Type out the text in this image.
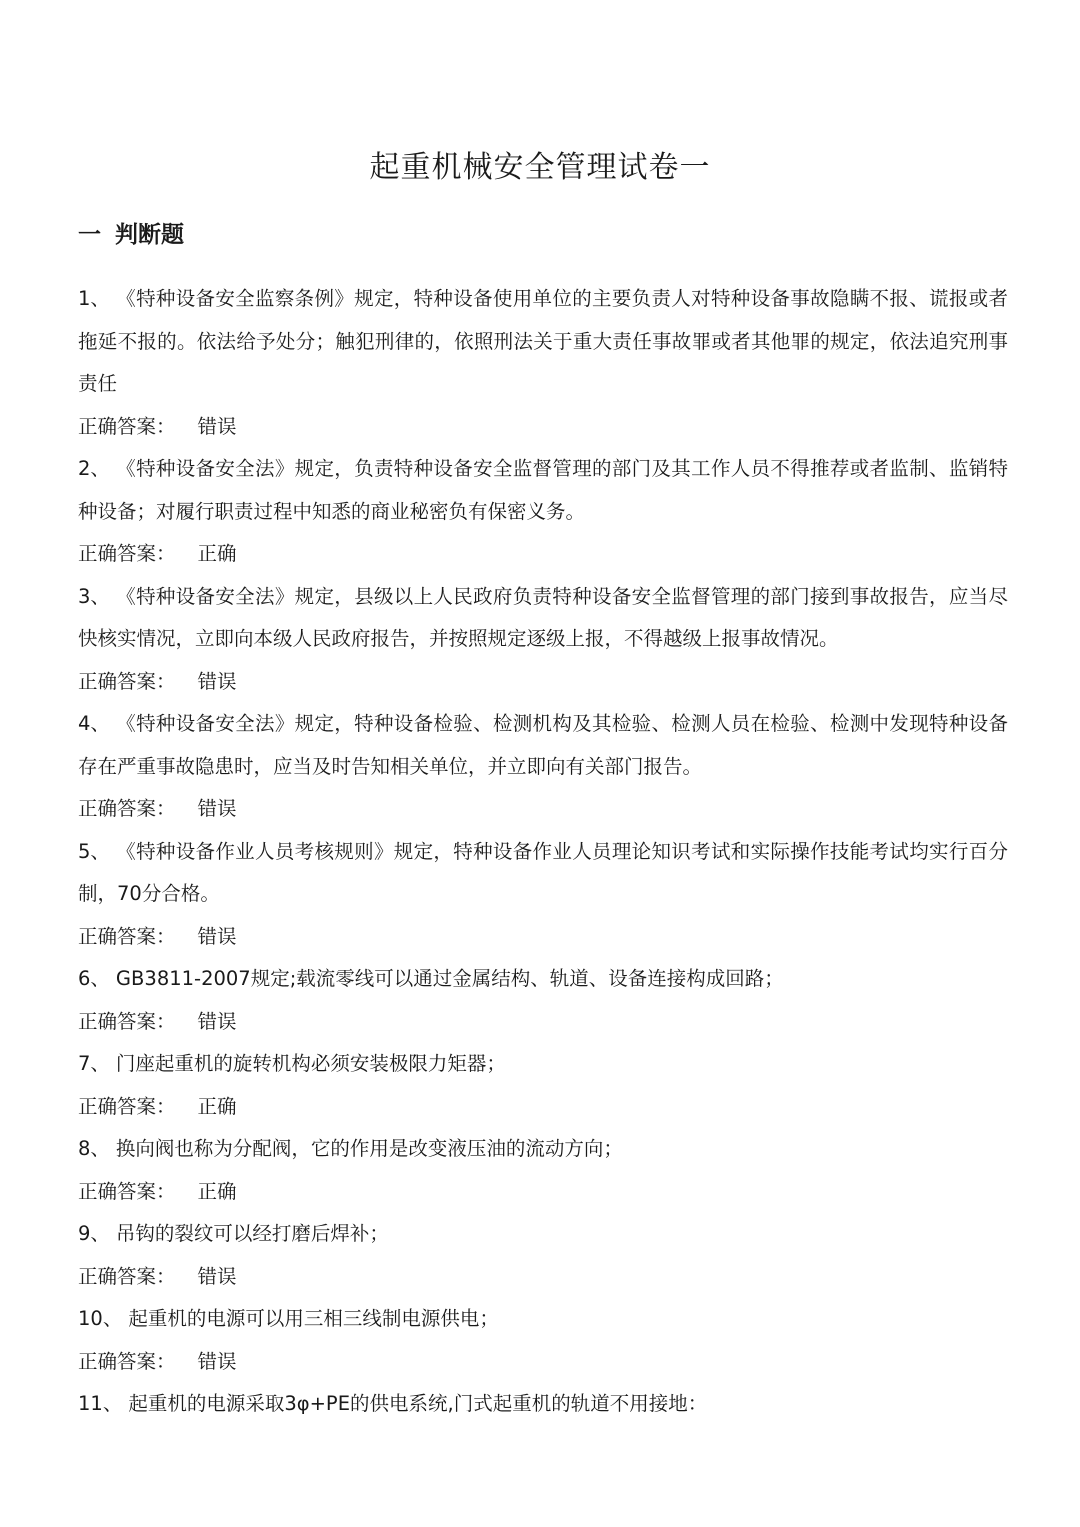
起重机械安全管理试卷一
一 判断题

1、 《特种设备安全监察条例》规定，特种设备使用单位的主要负责人对特种设备事故隐瞒不报、谎报或者拖延不报的。依法给予处分；触犯刑律的，依照刑法关于重大责任事故罪或者其他罪的规定，依法追究刑事责任

正确答案： 错误

2、 《特种设备安全法》规定，负责特种设备安全监督管理的部门及其工作人员不得推荐或者监制、监销特种设备；对履行职责过程中知悉的商业秘密负有保密义务。

正确答案： 正确

3、 《特种设备安全法》规定，县级以上人民政府负责特种设备安全监督管理的部门接到事故报告，应当尽快核实情况，立即向本级人民政府报告，并按照规定逐级上报，不得越级上报事故情况。

正确答案： 错误

4、 《特种设备安全法》规定，特种设备检验、检测机构及其检验、检测人员在检验、检测中发现特种设备存在严重事故隐患时，应当及时告知相关单位，并立即向有关部门报告。

正确答案： 错误

5、 《特种设备作业人员考核规则》规定，特种设备作业人员理论知识考试和实际操作技能考试均实行百分制，70分合格。

正确答案： 错误

6、 GB3811-2007规定;载流零线可以通过金属结构、轨道、设备连接构成回路；

正确答案： 错误

7、 门座起重机的旋转机构必须安装极限力矩器；

正确答案： 正确

8、 换向阀也称为分配阀，它的作用是改变液压油的流动方向；

正确答案： 正确

9、 吊钩的裂纹可以经打磨后焊补；

正确答案： 错误

10、 起重机的电源可以用三相三线制电源供电；

正确答案： 错误

11、 起重机的电源采取3φ+PE的供电系统,门式起重机的轨道不用接地：
